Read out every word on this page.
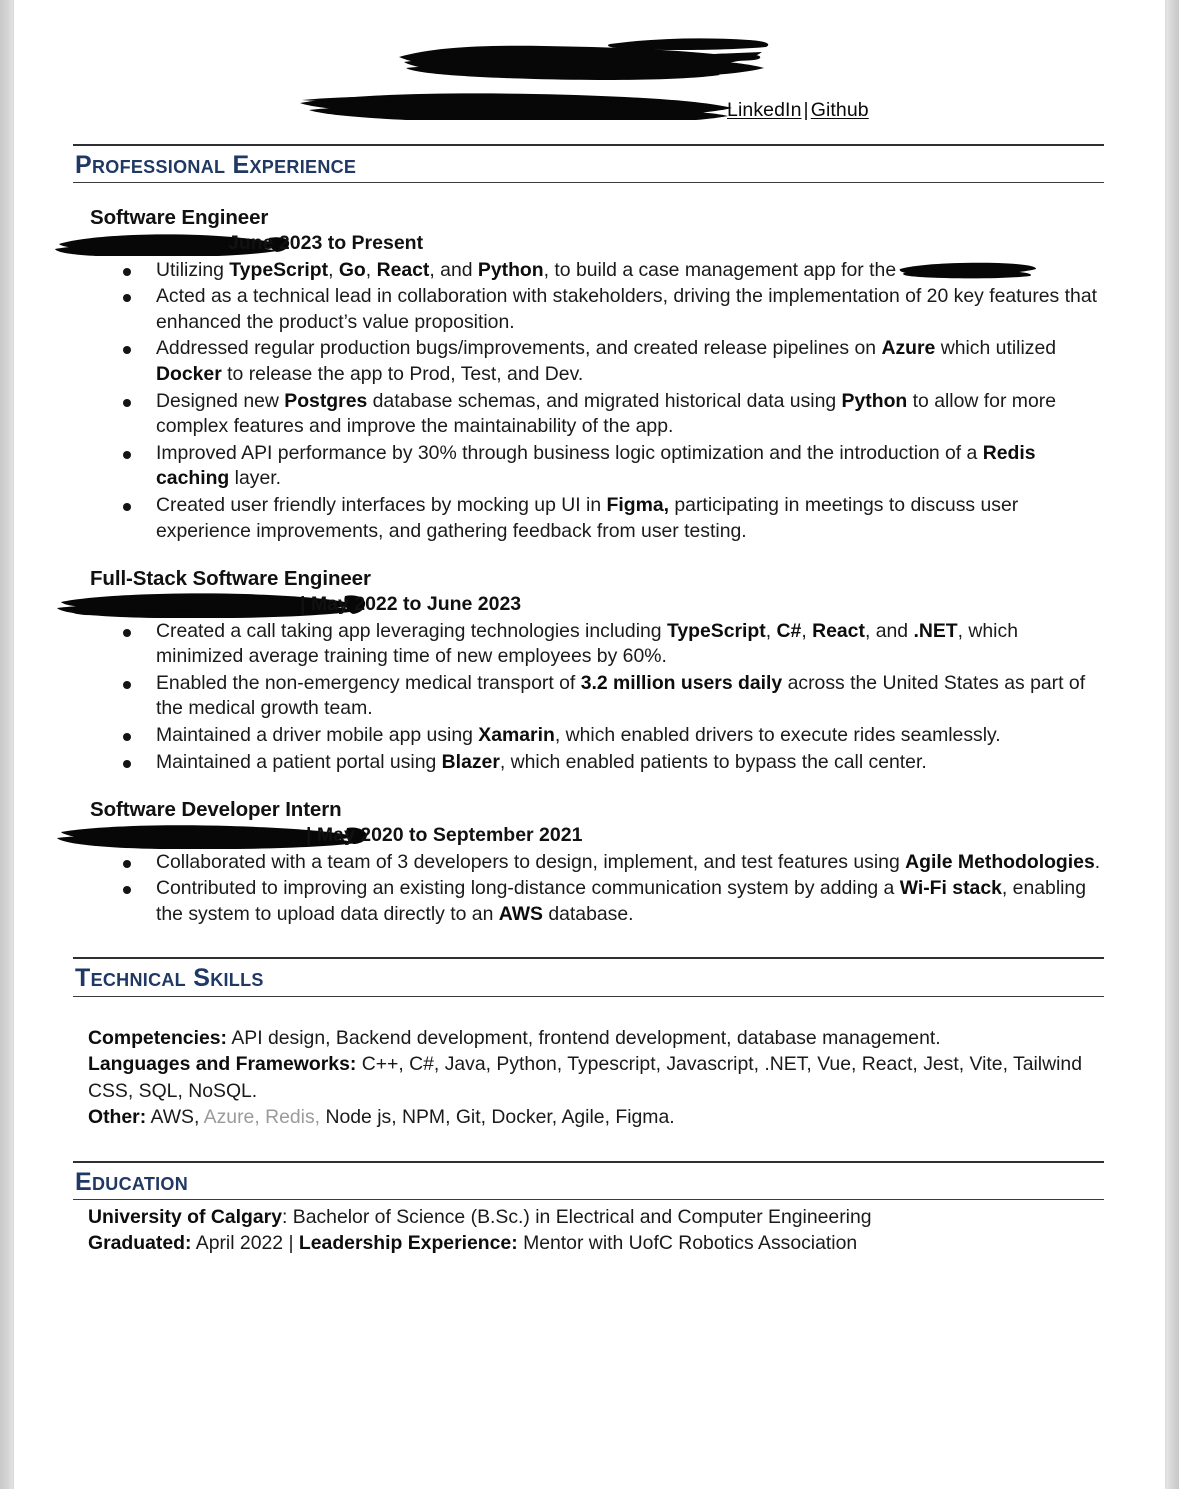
LinkedIn | Github
Professional Experience
Software Engineer
June 2023 to Present
Utilizing TypeScript, Go, React, and Python, to build a case management app for the
Acted as a technical lead in collaboration with stakeholders, driving the implementation of 20 key features that enhanced the product’s value proposition.
Addressed regular production bugs/improvements, and created release pipelines on Azure which utilized Docker to release the app to Prod, Test, and Dev.
Designed new Postgres database schemas, and migrated historical data using Python to allow for more complex features and improve the maintainability of the app.
Improved API performance by 30% through business logic optimization and the introduction of a Redis caching layer.
Created user friendly interfaces by mocking up UI in Figma, participating in meetings to discuss user experience improvements, and gathering feedback from user testing.
Full-Stack Software Engineer
| May 2022 to June 2023
Created a call taking app leveraging technologies including TypeScript, C#, React, and .NET, which minimized average training time of new employees by 60%.
Enabled the non-emergency medical transport of 3.2 million users daily across the United States as part of the medical growth team.
Maintained a driver mobile app using Xamarin, which enabled drivers to execute rides seamlessly.
Maintained a patient portal using Blazer, which enabled patients to bypass the call center.
Software Developer Intern
| May 2020 to September 2021
Collaborated with a team of 3 developers to design, implement, and test features using Agile Methodologies.
Contributed to improving an existing long-distance communication system by adding a Wi-Fi stack, enabling the system to upload data directly to an AWS database.
Technical Skills
Competencies: API design, Backend development, frontend development, database management.
Languages and Frameworks: C++, C#, Java, Python, Typescript, Javascript, .NET, Vue, React, Jest, Vite, Tailwind CSS, SQL, NoSQL.
Other: AWS, Azure, Redis, Node js, NPM, Git, Docker, Agile, Figma.
Education
University of Calgary: Bachelor of Science (B.Sc.) in Electrical and Computer Engineering
Graduated: April 2022 | Leadership Experience: Mentor with UofC Robotics Association
